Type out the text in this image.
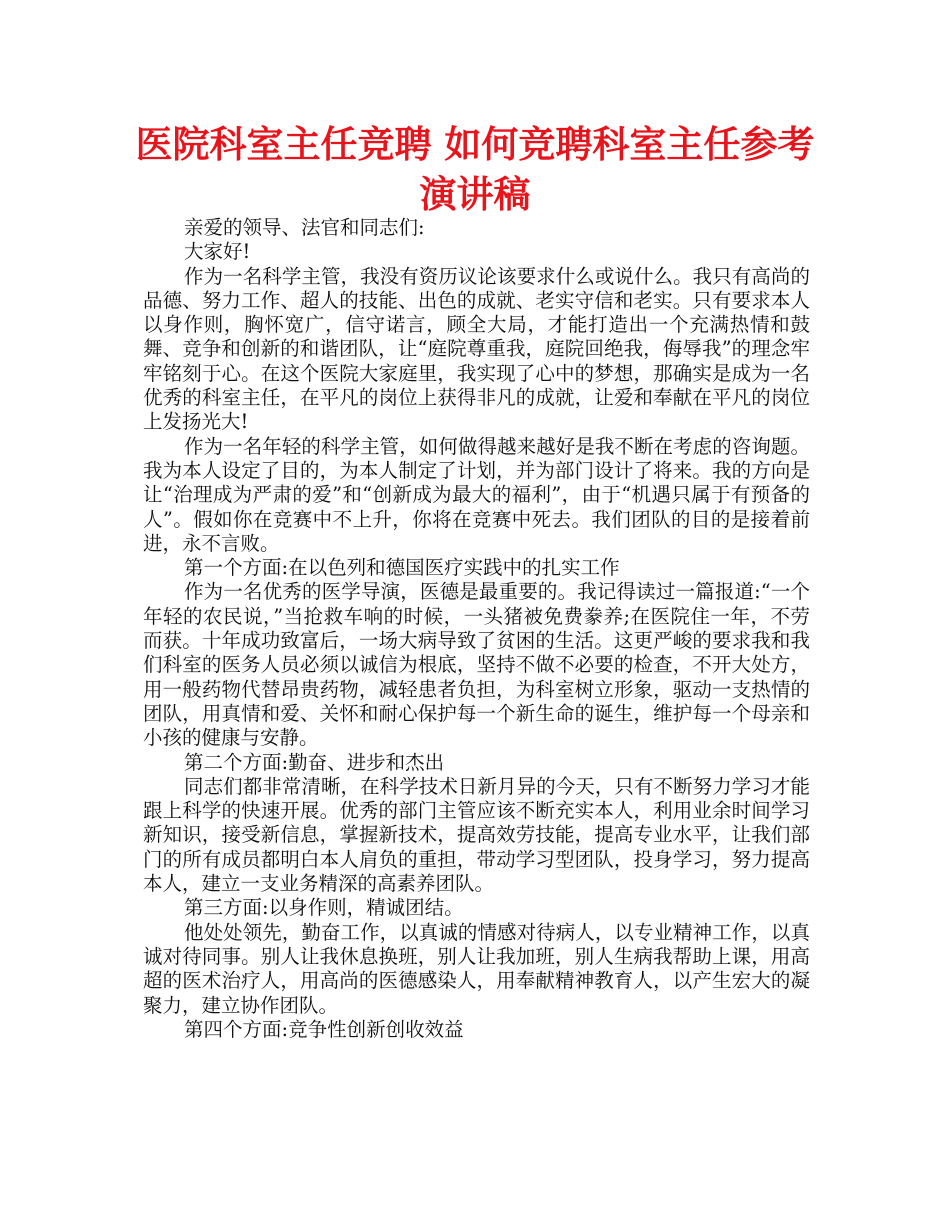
医院科室主任竞聘 如何竞聘科室主任参考演讲稿

亲爱的领导、法官和同志们:

大家好!

作为一名科学主管，我没有资历议论该要求什么或说什么。我只有高尚的品德、努力工作、超人的技能、出色的成就、老实守信和老实。只有要求本人以身作则，胸怀宽广，信守诺言，顾全大局，才能打造出一个充满热情和鼓舞、竞争和创新的和谐团队，让“庭院尊重我，庭院回绝我，侮辱我”的理念牢牢铭刻于心。在这个医院大家庭里，我实现了心中的梦想，那确实是成为一名优秀的科室主任，在平凡的岗位上获得非凡的成就，让爱和奉献在平凡的岗位上发扬光大!

作为一名年轻的科学主管，如何做得越来越好是我不断在考虑的咨询题。我为本人设定了目的，为本人制定了计划，并为部门设计了将来。我的方向是让“治理成为严肃的爱”和“创新成为最大的福利”，由于“机遇只属于有预备的人”。假如你在竞赛中不上升，你将在竞赛中死去。我们团队的目的是接着前进，永不言败。

第一个方面:在以色列和德国医疗实践中的扎实工作

作为一名优秀的医学导演，医德是最重要的。我记得读过一篇报道:“一个年轻的农民说，”当抢救车响的时候，一头猪被免费豢养;在医院住一年，不劳而获。十年成功致富后，一场大病导致了贫困的生活。这更严峻的要求我和我们科室的医务人员必须以诚信为根底，坚持不做不必要的检查，不开大处方，用一般药物代替昂贵药物，减轻患者负担，为科室树立形象，驱动一支热情的团队，用真情和爱、关怀和耐心保护每一个新生命的诞生，维护每一个母亲和小孩的健康与安静。

第二个方面:勤奋、进步和杰出

同志们都非常清晰，在科学技术日新月异的今天，只有不断努力学习才能跟上科学的快速开展。优秀的部门主管应该不断充实本人，利用业余时间学习新知识，接受新信息，掌握新技术，提高效劳技能，提高专业水平，让我们部门的所有成员都明白本人肩负的重担，带动学习型团队，投身学习，努力提高本人，建立一支业务精深的高素养团队。

第三方面:以身作则，精诚团结。

他处处领先，勤奋工作，以真诚的情感对待病人，以专业精神工作，以真诚对待同事。别人让我休息换班，别人让我加班，别人生病我帮助上课，用高超的医术治疗人，用高尚的医德感染人，用奉献精神教育人，以产生宏大的凝聚力，建立协作团队。

第四个方面:竞争性创新创收效益
